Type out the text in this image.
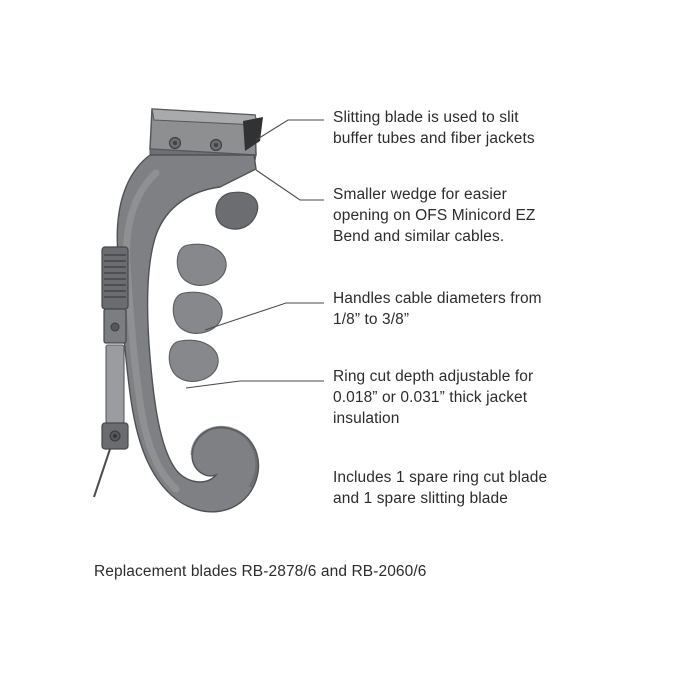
Slitting blade is used to slit
buffer tubes and fiber jackets
Smaller wedge for easier
opening on OFS Minicord EZ
Bend and similar cables.
Handles cable diameters from
1/8” to 3/8”
Ring cut depth adjustable for
0.018” or 0.031” thick jacket
insulation
Includes 1 spare ring cut blade
and 1 spare slitting blade
Replacement blades RB-2878/6 and RB-2060/6
